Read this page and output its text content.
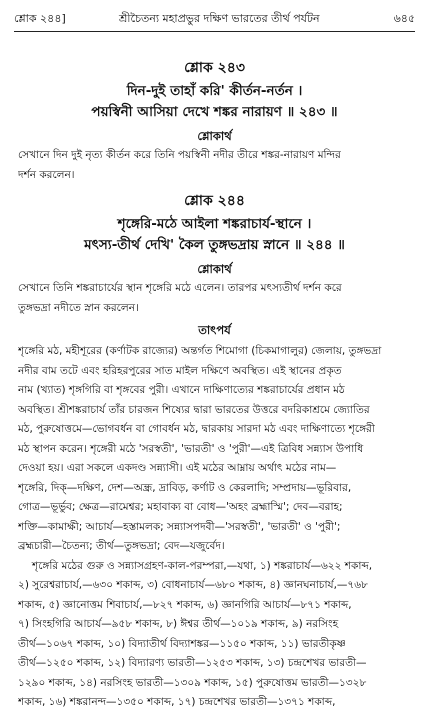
শ্লোক ২৪৪]	শ্রীচৈতন্য মহাপ্রভুর দক্ষিণ ভারতের তীর্থ পর্যটন	৬৪৫
শ্লোক ২৪৩
দিন-দুই তাহাঁ করি' কীর্তন-নর্তন ।
পয়স্বিনী আসিয়া দেখে শঙ্কর নারায়ণ ॥ ২৪৩ ॥
শ্লোকার্থ
সেখানে দিন দুই নৃত্য কীর্তন করে তিনি পয়স্বিনী নদীর তীরে শঙ্কর-নারায়ণ মন্দির
দর্শন করলেন।
শ্লোক ২৪৪
শৃঙ্গেরি-মঠে আইলা শঙ্করাচার্য-স্থানে ।
মৎস্য-তীর্থ দেখি' কৈল তুঙ্গভদ্রায় স্নানে ॥ ২৪৪ ॥
শ্লোকার্থ
সেখানে তিনি শঙ্করাচার্যের স্থান শৃঙ্গেরি মঠে এলেন। তারপর মৎস্যতীর্থ দর্শন করে
তুঙ্গভদ্রা নদীতে স্নান করলেন।
তাৎপর্য
শৃঙ্গেরি মঠ, মহীশূরের (কর্ণাটক রাজ্যের) অন্তর্গত শিমোগা (চিকমাগালুর) জেলায়, তুঙ্গভদ্রা
নদীর বাম তটে এবং হরিহরপুরের সাত মাইল দক্ষিণে অবস্থিত। এই স্থানের প্রকৃত
নাম (খ্যাত) শৃঙ্গগিরি বা শৃঙ্গবের পুরী। এখানে দাক্ষিণাত্যের শঙ্করাচার্যের প্রধান মঠ
অবস্থিত। শ্রীশঙ্করাচার্য তাঁর চারজন শিষ্যের দ্বারা ভারতের উত্তরে বদরিকাশ্রমে জ্যোতির
মঠ, পুরুষোত্তমে—ভোগবর্ধন বা গোবর্ধন মঠ, দ্বারকায় সারদা মঠ এবং দাক্ষিণাত্যে শৃঙ্গেরী
মঠ স্থাপন করেন। শৃঙ্গেরী মঠে 'সরস্বতী', 'ভারতী' ও 'পুরী'—এই ত্রিবিধ সন্ন্যাস উপাধি
দেওয়া হয়। এরা সকলে একদণ্ড সন্ন্যাসী। এই মঠের আম্নায় অর্থাৎ মঠের নাম—
শৃঙ্গেরি, দিক্—দক্ষিণ, দেশ—অন্ধ্র, দ্রাবিড়, কর্ণাট ও কেরলাদি; সম্প্রদায়—ভূরিবার,
গোত্র—ভূর্ভুব; ক্ষেত্র—রামেশ্বর; মহাবাক্য বা বোধ—'অহং ব্রহ্মাস্মি'; দেব—বরাহ;
শক্তি—কামাক্ষী; আচার্য—হস্তামলক; সন্ন্যাসপদবী—'সরস্বতী', 'ভারতী' ও 'পুরী';
ব্রহ্মচারী—চৈতন্য; তীর্থ—তুঙ্গভদ্রা; বেদ—যজুর্বেদ।
শৃঙ্গেরি মঠের গুরু ও সন্ন্যাসগ্রহণ-কাল-পরম্পরা,—যথা, ১) শঙ্করাচার্য—৬২২ শকাব্দ,
২) সুরেশ্বরাচার্য,—৬৩০ শকাব্দ, ৩) বোধনাচার্য—৬৮০ শকাব্দ, ৪) জ্ঞানঘনাচার্য,—৭৬৮
শকাব্দ, ৫) জ্ঞানোত্তম শিবাচার্য,—৮২৭ শকাব্দ, ৬) জ্ঞানগিরি আচার্য—৮৭১ শকাব্দ,
৭) সিংহগিরি আচার্য—৯৫৮ শকাব্দ, ৮) ঈশ্বর তীর্থ—১০১৯ শকাব্দ, ৯) নরসিংহ
তীর্থ—১০৬৭ শকাব্দ, ১০) বিদ্যাতীর্থ বিদ্যাশঙ্কর—১১৫০ শকাব্দ, ১১) ভারতীকৃষ্ণ
তীর্থ—১২৫০ শকাব্দ, ১২) বিদ্যারণ্য ভারতী—১২৫৩ শকাব্দ, ১৩) চন্দ্রশেখর ভারতী—
১২৯০ শকাব্দ, ১৪) নরসিংহ ভারতী—১৩০৯ শকাব্দ, ১৫) পুরুষোত্তম ভারতী—১৩২৮
শকাব্দ, ১৬) শঙ্করানন্দ—১৩৫০ শকাব্দ, ১৭) চন্দ্রশেখর ভারতী—১৩৭১ শকাব্দ,
